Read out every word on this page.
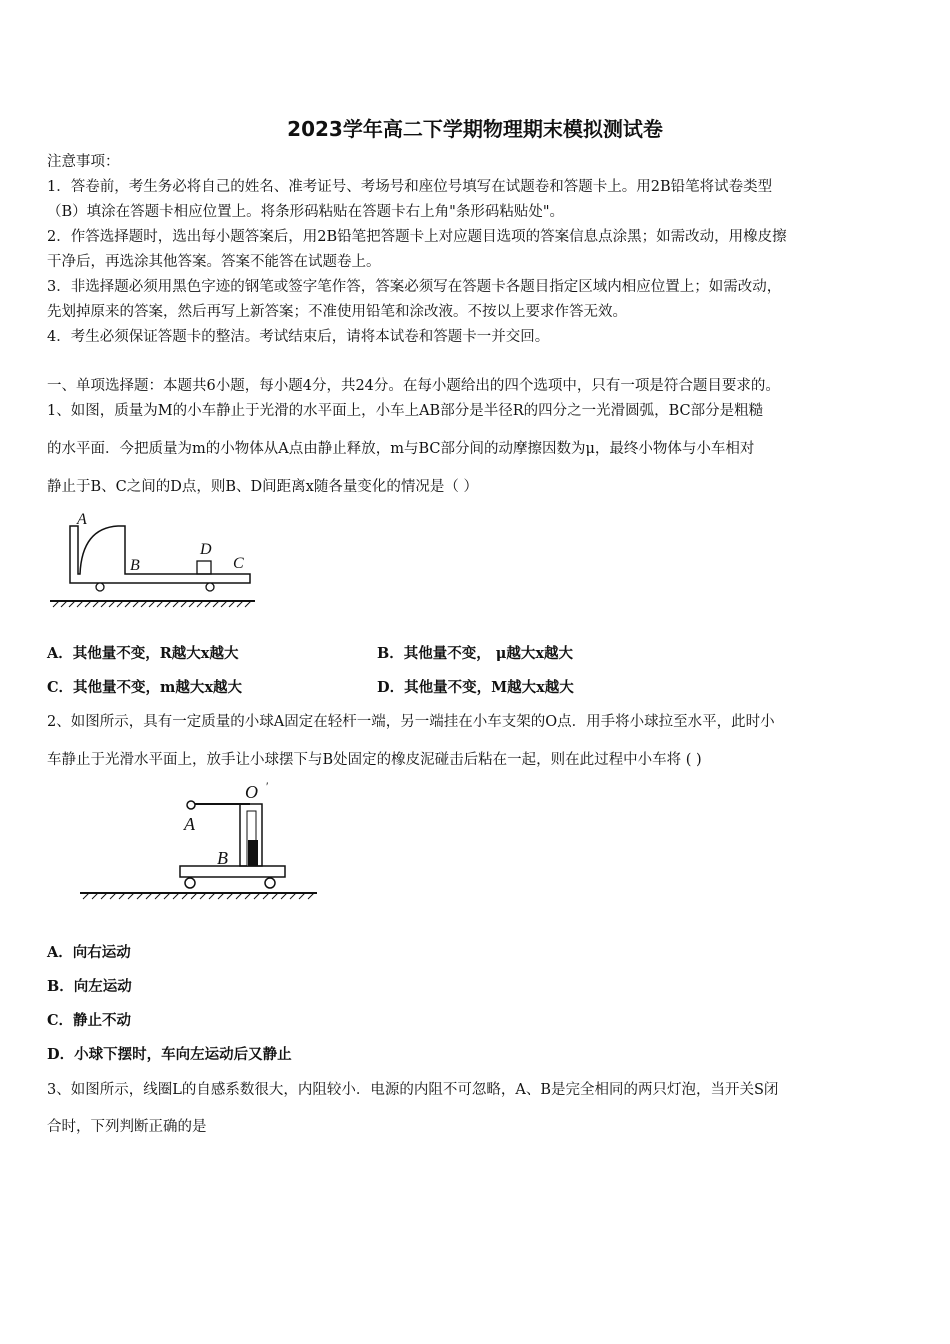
2023学年高二下学期物理期末模拟测试卷
注意事项：
1．答卷前，考生务必将自己的姓名、准考证号、考场号和座位号填写在试题卷和答题卡上。用2B铅笔将试卷类型
（B）填涂在答题卡相应位置上。将条形码粘贴在答题卡右上角"条形码粘贴处"。
2．作答选择题时，选出每小题答案后，用2B铅笔把答题卡上对应题目选项的答案信息点涂黑；如需改动，用橡皮擦
干净后，再选涂其他答案。答案不能答在试题卷上。
3．非选择题必须用黑色字迹的钢笔或签字笔作答，答案必须写在答题卡各题目指定区域内相应位置上；如需改动，
先划掉原来的答案，然后再写上新答案；不准使用铅笔和涂改液。不按以上要求作答无效。
4．考生必须保证答题卡的整洁。考试结束后，请将本试卷和答题卡一并交回。
一、单项选择题：本题共6小题，每小题4分，共24分。在每小题给出的四个选项中，只有一项是符合题目要求的。
1、如图，质量为M的小车静止于光滑的水平面上，小车上AB部分是半径R的四分之一光滑圆弧，BC部分是粗糙
的水平面．今把质量为m的小物体从A点由静止释放，m与BC部分间的动摩擦因数为μ，最终小物体与小车相对
静止于B、C之间的D点，则B、D间距离x随各量变化的情况是（ ）
A
B
D
C
A．其他量不变，R越大x越大	B．其他量不变， μ越大x越大
C．其他量不变，m越大x越大	D．其他量不变，M越大x越大
2、如图所示，具有一定质量的小球A固定在轻杆一端，另一端挂在小车支架的O点．用手将小球拉至水平，此时小
车静止于光滑水平面上，放手让小球摆下与B处固定的橡皮泥碰击后粘在一起，则在此过程中小车将 ( )
O ′
A
B
A．向右运动
B．向左运动
C．静止不动
D．小球下摆时，车向左运动后又静止
3、如图所示，线圈L的自感系数很大，内阻较小．电源的内阻不可忽略，A、B是完全相同的两只灯泡，当开关S闭
合时，下列判断正确的是
